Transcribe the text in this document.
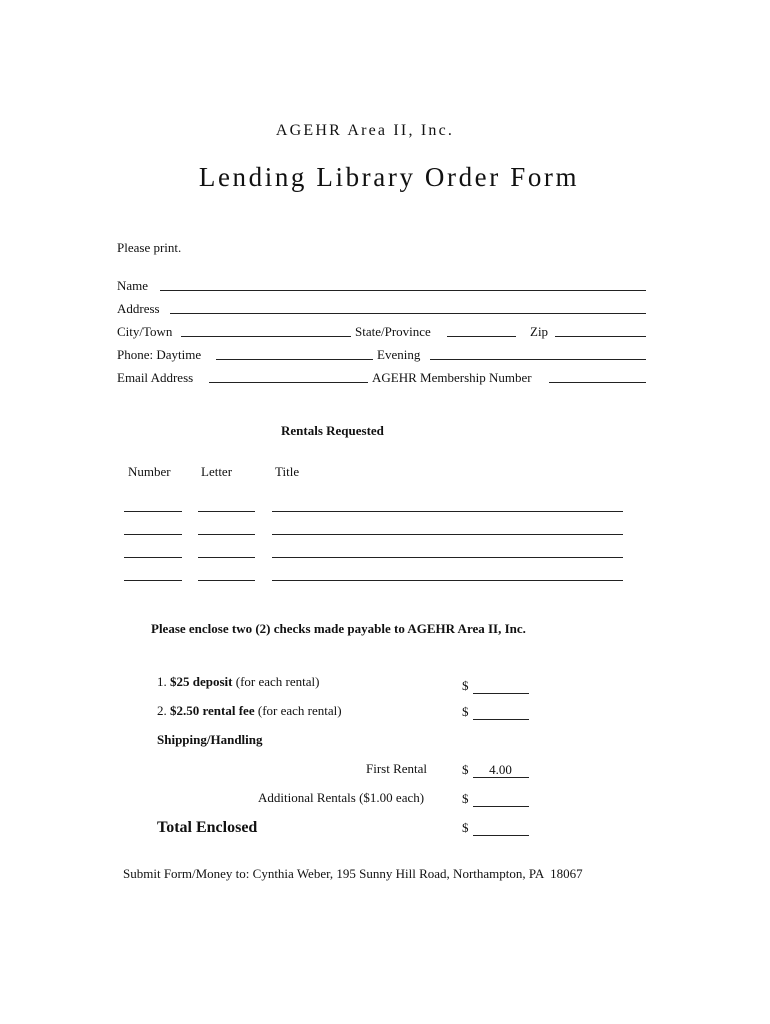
AGEHR Area II, Inc.
Lending Library Order Form
Please print.
Name
Address
City/Town	State/Province	Zip
Phone: Daytime	Evening
Email Address	AGEHR Membership Number
Rentals Requested
Number Letter	Title
Please enclose two (2) checks made payable to AGEHR Area II, Inc.
1. $25 deposit (for each rental)	$
2. $2.50 rental fee (for each rental)	$
Shipping/Handling
First Rental	$ 4.00
Additional Rentals ($1.00 each)	$
Total Enclosed	$
Submit Form/Money to: Cynthia Weber, 195 Sunny Hill Road, Northampton, PA  18067
